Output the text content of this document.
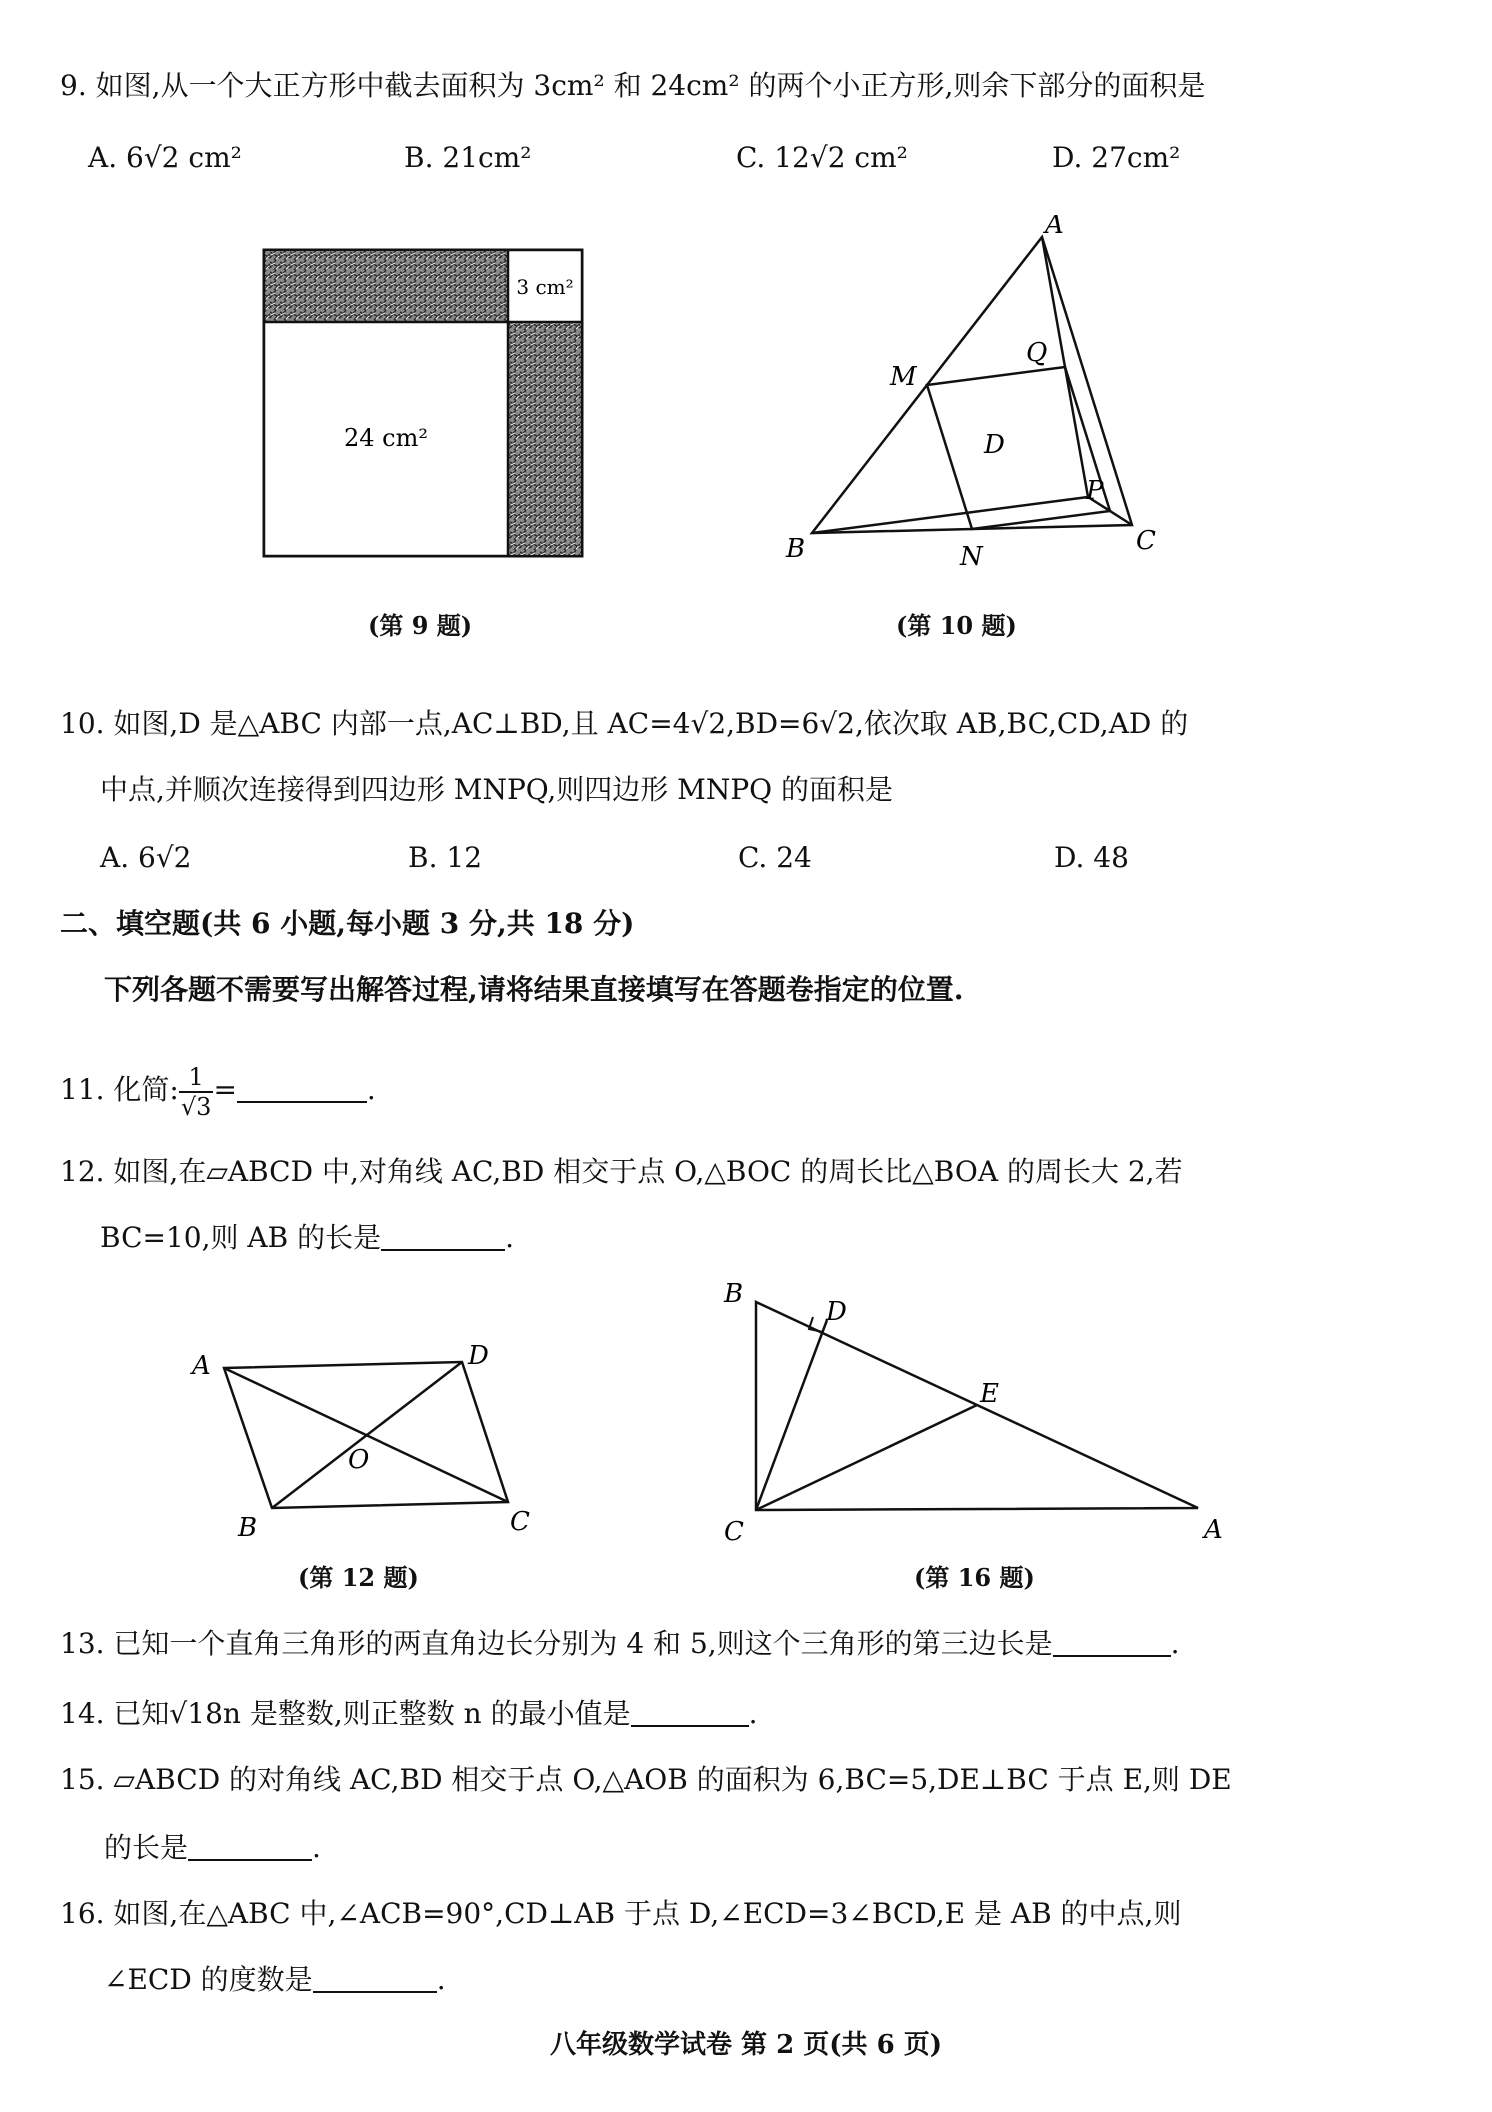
9. 如图,从一个大正方形中截去面积为 3cm² 和 24cm² 的两个小正方形,则余下部分的面积是
A. 6√2 cm²	B. 21cm²	C. 12√2 cm²	D. 27cm²
3 cm²
24 cm²
(第 9 题)
A
B	C
D
M
N
P
Q
(第 10 题)
10. 如图,D 是△ABC 内部一点,AC⊥BD,且 AC=4√2,BD=6√2,依次取 AB,BC,CD,AD 的
中点,并顺次连接得到四边形 MNPQ,则四边形 MNPQ 的面积是
A. 6√2	B. 12	C. 24	D. 48
二、填空题(共 6 小题,每小题 3 分,共 18 分)
下列各题不需要写出解答过程,请将结果直接填写在答题卷指定的位置.
11. 化简: $\frac{1}{√3}$ =	.
12. 如图,在▱ABCD 中,对角线 AC,BD 相交于点 O,△BOC 的周长比△BOA 的周长大 2,若
BC=10,则 AB 的长是	.
A	D
B	C
O
(第 12 题)
B
D
E
C	A
(第 16 题)
13. 已知一个直角三角形的两直角边长分别为 4 和 5,则这个三角形的第三边长是	.
14. 已知√18n 是整数,则正整数 n 的最小值是	.
15. ▱ABCD 的对角线 AC,BD 相交于点 O,△AOB 的面积为 6,BC=5,DE⊥BC 于点 E,则 DE
的长是	.
16. 如图,在△ABC 中,∠ACB=90°,CD⊥AB 于点 D,∠ECD=3∠BCD,E 是 AB 的中点,则
∠ECD 的度数是	.
八年级数学试卷 第 2 页(共 6 页)
